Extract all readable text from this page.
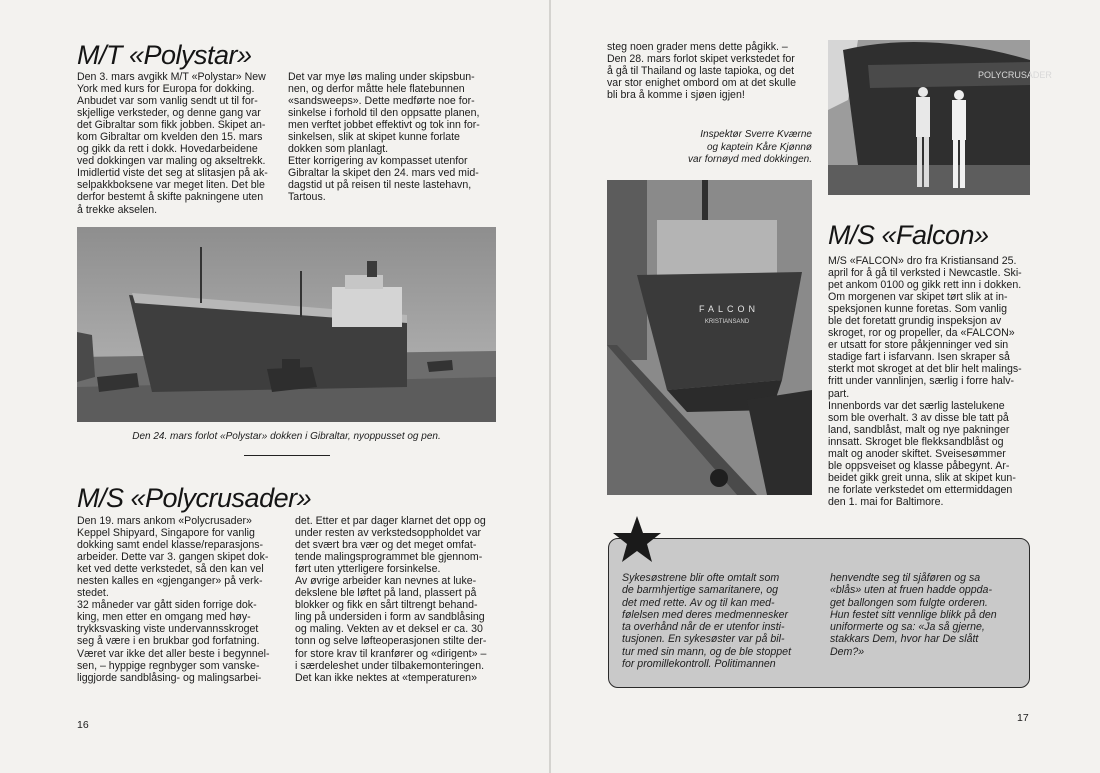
M/T «Polystar»

Den 3. mars avgikk M/T «Polystar» New
York med kurs for Europa for dokking.
Anbudet var som vanlig sendt ut til for-
skjellige verksteder, og denne gang var
det Gibraltar som fikk jobben. Skipet an-
kom Gibraltar om kvelden den 15. mars
og gikk da rett i dokk. Hovedarbeidene
ved dokkingen var maling og akseltrekk.
Imidlertid viste det seg at slitasjen på ak-
selpakkboksene var meget liten. Det ble
derfor bestemt å skifte pakningene uten
å trekke akselen.

Det var mye løs maling under skipsbun-
nen, og derfor måtte hele flatebunnen
«sandsweeps». Dette medførte noe for-
sinkelse i forhold til den oppsatte planen,
men verftet jobbet effektivt og tok inn for-
sinkelsen, slik at skipet kunne forlate
dokken som planlagt.
Etter korrigering av kompasset utenfor
Gibraltar la skipet den 24. mars ved mid-
dagstid ut på reisen til neste lastehavn,
Tartous.

Den 24. mars forlot «Polystar» dokken i Gibraltar, nyoppusset og pen.

M/S «Polycrusader»

Den 19. mars ankom «Polycrusader»
Keppel Shipyard, Singapore for vanlig
dokking samt endel klasse/reparasjons-
arbeider. Dette var 3. gangen skipet dok-
ket ved dette verkstedet, så den kan vel
nesten kalles en «gjenganger» på verk-
stedet.
32 måneder var gått siden forrige dok-
king, men etter en omgang med høy-
trykksvasking viste undervannsskroget
seg å være i en brukbar god forfatning.
Været var ikke det aller beste i begynnel-
sen, – hyppige regnbyger som vanske-
liggjorde sandblåsing- og malingsarbei-

det. Etter et par dager klarnet det opp og
under resten av verkstedsoppholdet var
det svært bra vær og det meget omfat-
tende malingsprogrammet ble gjennom-
ført uten ytterligere forsinkelse.
Av øvrige arbeider kan nevnes at luke-
dekslene ble løftet på land, plassert på
blokker og fikk en sårt tiltrengt behand-
ling på undersiden i form av sandblåsing
og maling. Vekten av et deksel er ca. 30
tonn og selve løfteoperasjonen stilte der-
for store krav til kranfører og «dirigent» –
i særdeleshet under tilbakemonteringen.
Det kan ikke nektes at «temperaturen»

16

steg noen grader mens dette pågikk. –
Den 28. mars forlot skipet verkstedet for
å gå til Thailand og laste tapioka, og det
var stor enighet ombord om at det skulle
bli bra å komme i sjøen igjen!

POLYCRUSADER

Inspektør Sverre Kværne
og kaptein Kåre Kjønnø
var fornøyd med dokkingen.

FALCON
KRISTIANSAND
M/S «Falcon»

M/S «FALCON» dro fra Kristiansand 25.
april for å gå til verksted i Newcastle. Ski-
pet ankom 0100 og gikk rett inn i dokken.
Om morgenen var skipet tørt slik at in-
speksjonen kunne foretas. Som vanlig
ble det foretatt grundig inspeksjon av
skroget, ror og propeller, da «FALCON»
er utsatt for store påkjenninger ved sin
stadige fart i isfarvann. Isen skraper så
sterkt mot skroget at det blir helt malings-
fritt under vannlinjen, særlig i forre halv-
part.
Innenbords var det særlig lastelukene
som ble overhalt. 3 av disse ble tatt på
land, sandblåst, malt og nye pakninger
innsatt. Skroget ble flekksandblåst og
malt og anoder skiftet. Sveisesømmer
ble oppsveiset og klasse påbegynt. Ar-
beidet gikk greit unna, slik at skipet kun-
ne forlate verkstedet om ettermiddagen
den 1. mai for Baltimore.

Sykesøstrene blir ofte omtalt som
de barmhjertige samaritanere, og
det med rette. Av og til kan med-
følelsen med deres medmennesker
ta overhånd når de er utenfor insti-
tusjonen. En sykesøster var på bil-
tur med sin mann, og de ble stoppet
for promillekontroll. Politimannen

henvendte seg til sjåføren og sa
«blås» uten at fruen hadde oppda-
get ballongen som fulgte orderen.
Hun festet sitt vennlige blikk på den
uniformerte og sa: «Ja så gjerne,
stakkars Dem, hvor har De slått
Dem?»

17
